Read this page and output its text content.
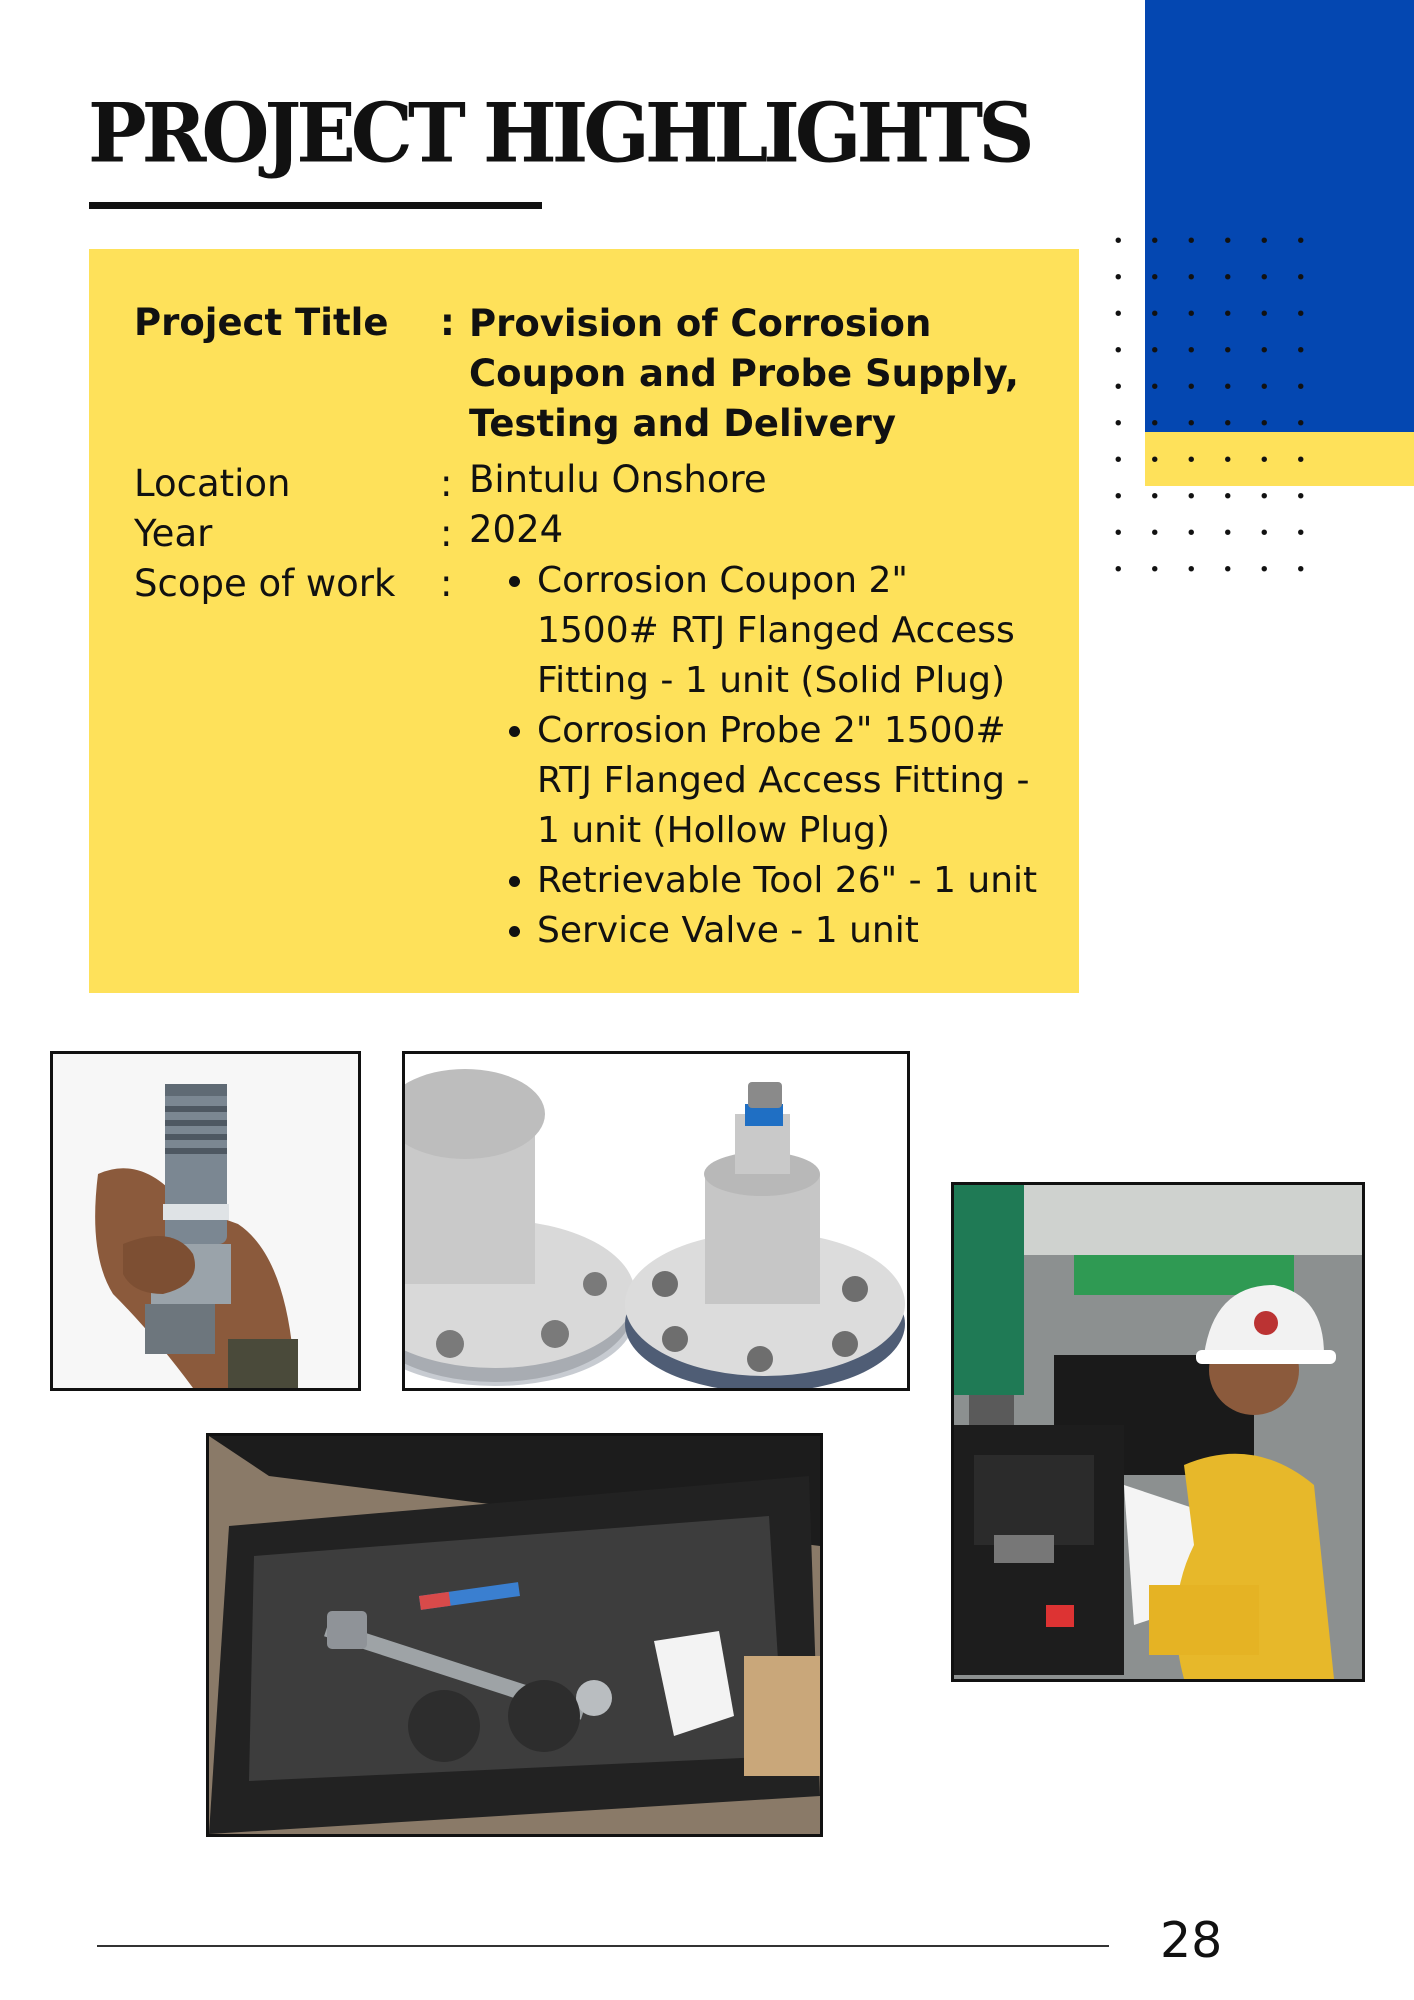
PROJECT HIGHLIGHTS
Project Title : Provision of Corrosion
Coupon and Probe Supply,
Testing and Delivery
Location	: Bintulu Onshore
Year	: 2024
Scope of work :
• Corrosion Coupon 2"
1500# RTJ Flanged Access
Fitting - 1 unit (Solid Plug)
• Corrosion Probe 2" 1500#
RTJ Flanged Access Fitting -
1 unit (Hollow Plug)
• Retrievable Tool 26" - 1 unit
• Service Valve - 1 unit
28
